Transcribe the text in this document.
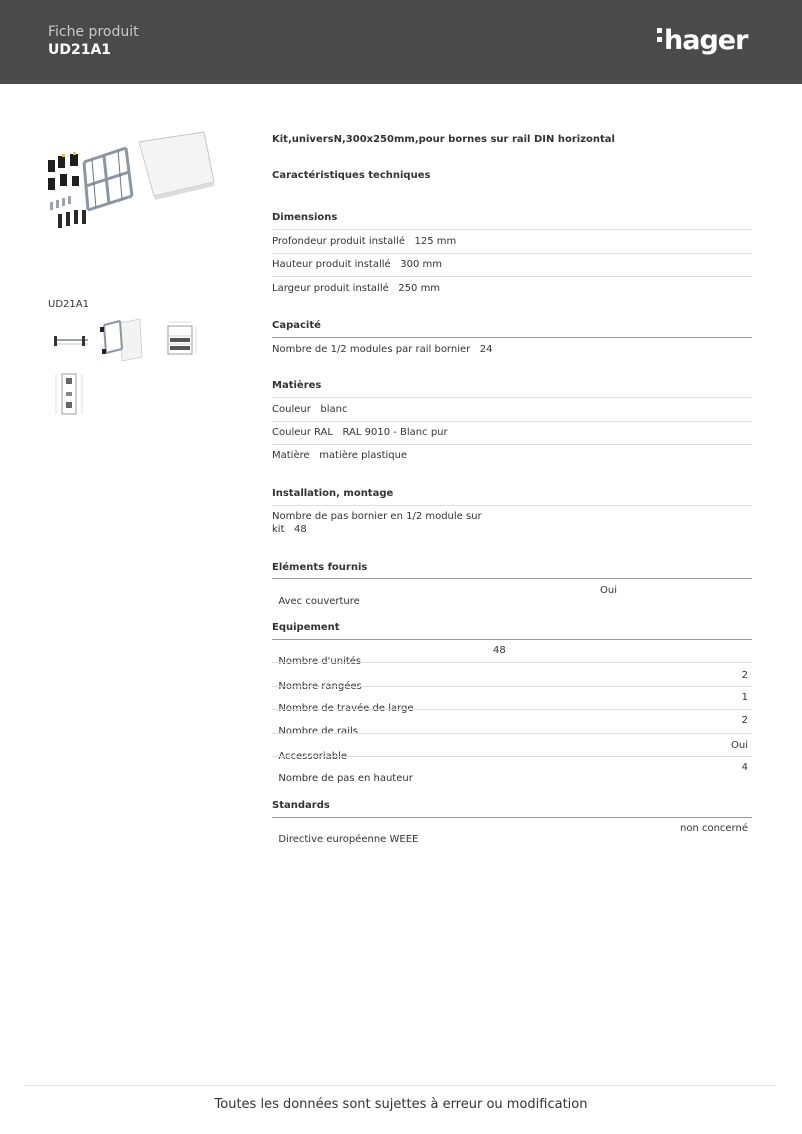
Fiche produit
UD21A1	hager
UD21A1
Kit,universN,300x250mm,pour bornes sur rail DIN horizontal
Caractéristiques techniques
Dimensions
Profondeur produit installé   125 mm
Hauteur produit installé   300 mm
Largeur produit installé   250 mm
Capacité
Nombre de 1/2 modules par rail bornier   24
Matières
Couleur   blanc
Couleur RAL   RAL 9010 - Blanc pur
Matière   matière plastique
Installation, montage
Nombre de pas bornier en 1/2 module sur
kit   48
Eléments fournis

Avec couverture

Oui

Equipement

Nombre d'unités

48

Nombre rangées

2

Nombre de travée de large

1

Nombre de rails

2

Accessoriable

Oui

Nombre de pas en hauteur

4

Standards

Directive européenne WEEE

non concerné

Toutes les données sont sujettes à erreur ou modification
